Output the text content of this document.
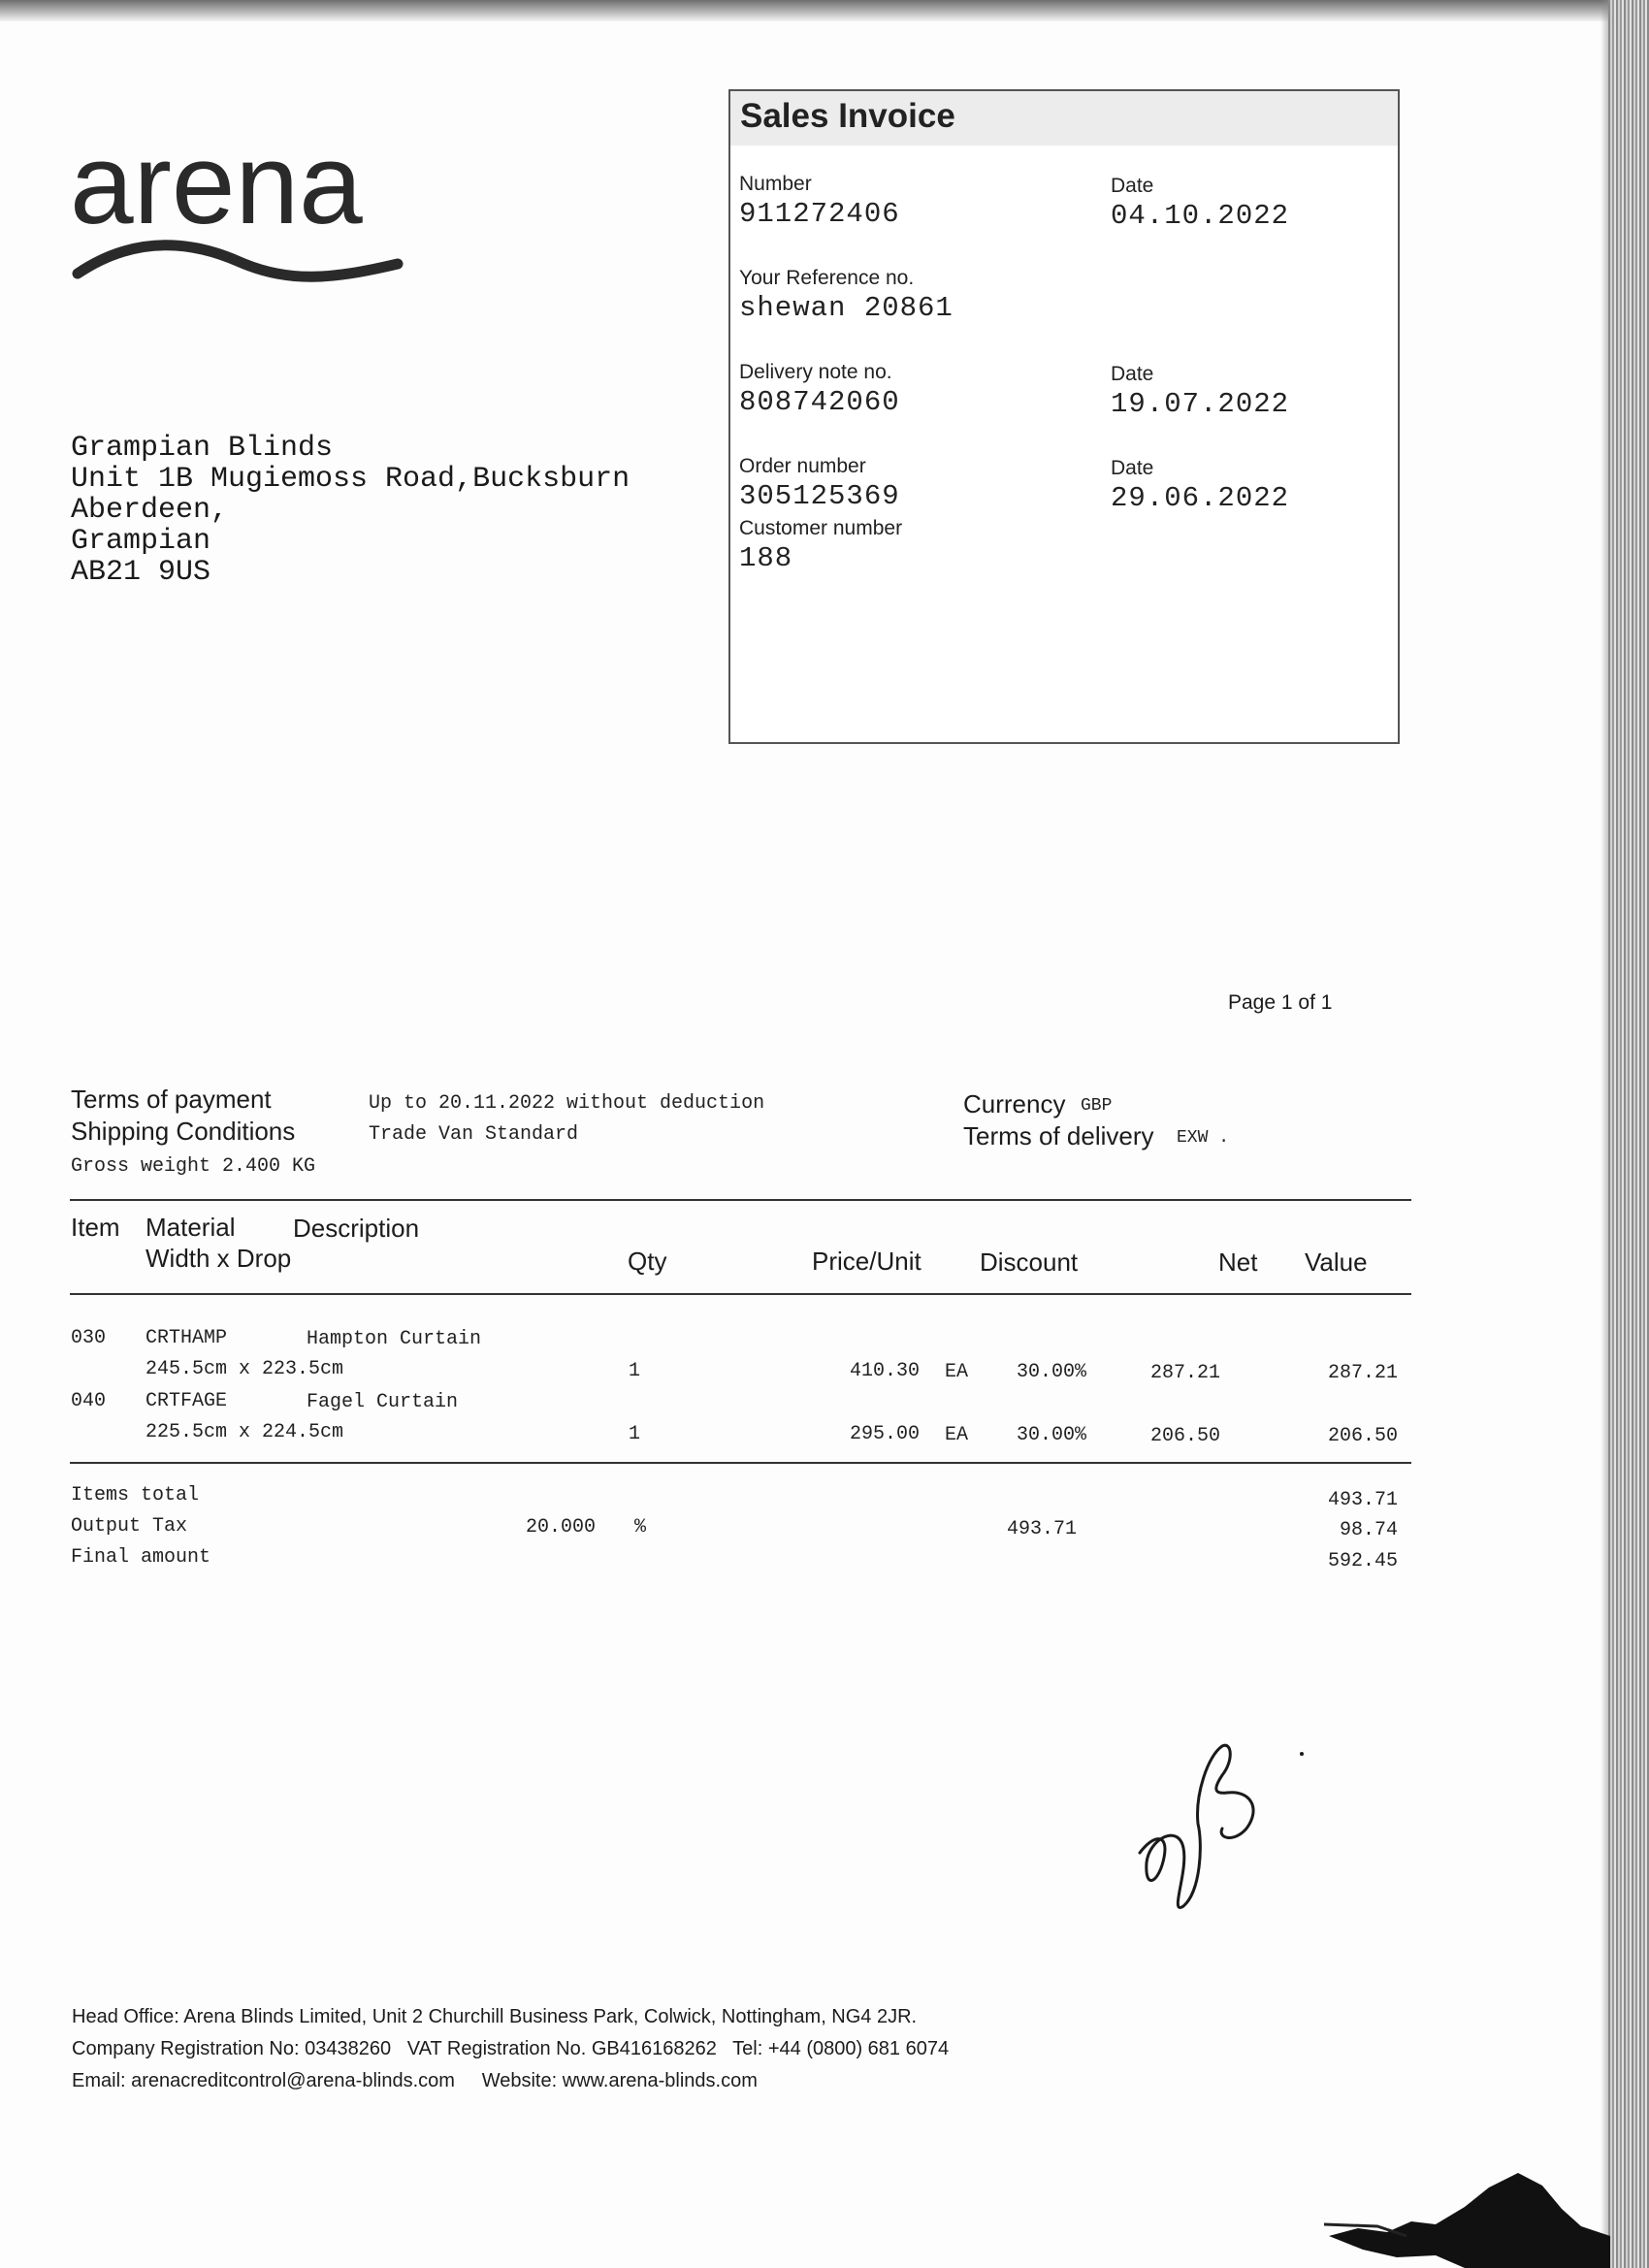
arena
Grampian Blinds
Unit 1B Mugiemoss Road,Bucksburn
Aberdeen,
Grampian
AB21 9US
Sales Invoice
Number
911272406
Date
04.10.2022
Your Reference no.
shewan 20861
Delivery note no.
808742060
Date
19.07.2022
Order number
305125369
Date
29.06.2022
Customer number
188
Page 1 of 1
Terms of payment	Up to 20.11.2022 without deduction
Shipping Conditions	Trade Van Standard
Gross weight 2.400 KG
Currency GBP
Terms of delivery EXW .
Item Material Description
Width x Drop	Qty	Price/Unit Discount	Net Value
030 CRTHAMP	Hampton Curtain
245.5cm x 223.5cm	1	410.30 EA	30.00%	287.21	287.21
040 CRTFAGE	Fagel Curtain
225.5cm x 224.5cm	1	295.00 EA	30.00%	206.50	206.50
Items total	493.71
Output Tax	20.000 %	493.71	98.74
Final amount	592.45
Head Office: Arena Blinds Limited, Unit 2 Churchill Business Park, Colwick, Nottingham, NG4 2JR.
Company Registration No: 03438260   VAT Registration No. GB416168262   Tel: +44 (0800) 681 6074
Email: arenacreditcontrol@arena-blinds.com     Website: www.arena-blinds.com
